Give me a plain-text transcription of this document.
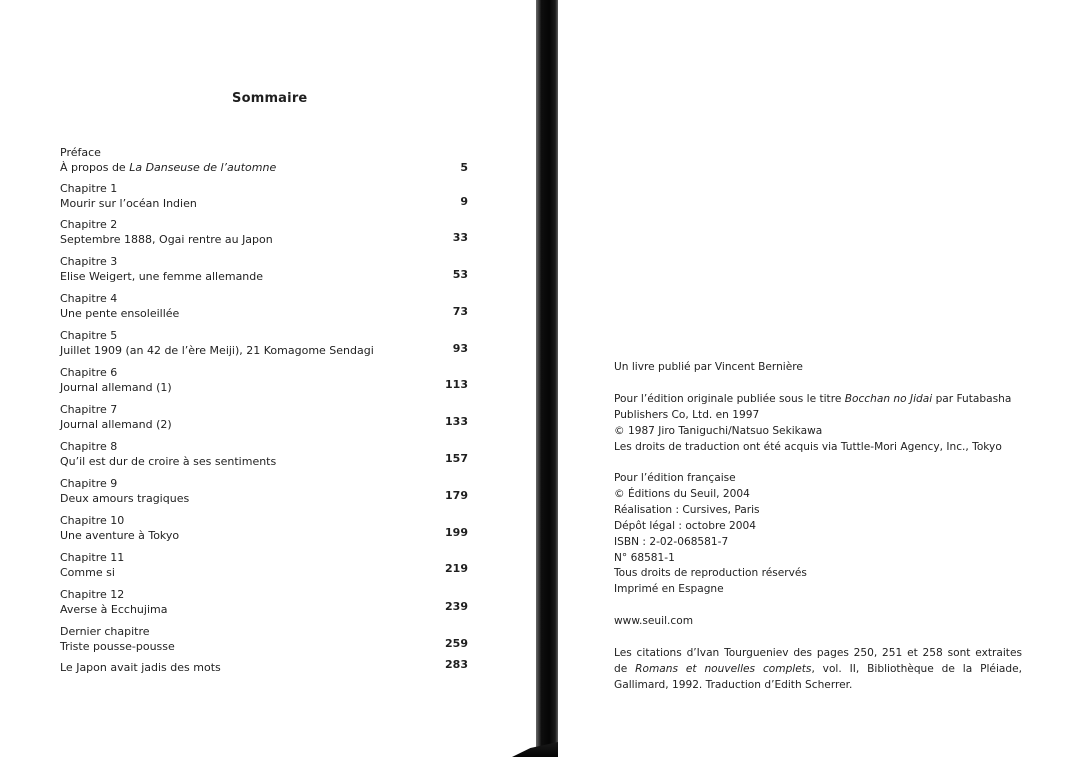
Sommaire
Préface
À propos de La Danseuse de l’automne	5
Chapitre 1
Mourir sur l’océan Indien	9
Chapitre 2
Septembre 1888, Ogai rentre au Japon	33
Chapitre 3
Elise Weigert, une femme allemande	53
Chapitre 4
Une pente ensoleillée	73
Chapitre 5
Juillet 1909 (an 42 de l’ère Meiji), 21 Komagome Sendagi	93
Chapitre 6
Journal allemand (1)	113
Chapitre 7
Journal allemand (2)	133
Chapitre 8
Qu’il est dur de croire à ses sentiments	157
Chapitre 9
Deux amours tragiques	179
Chapitre 10
Une aventure à Tokyo	199
Chapitre 11
Comme si	219
Chapitre 12
Averse à Ecchujima	239
Dernier chapitre
Triste pousse-pousse	259
Le Japon avait jadis des mots	283
Un livre publié par Vincent Bernière
Pour l’édition originale publiée sous le titre Bocchan no Jidai par Futabasha
Publishers Co, Ltd. en 1997
© 1987 Jiro Taniguchi/Natsuo Sekikawa
Les droits de traduction ont été acquis via Tuttle-Mori Agency, Inc., Tokyo
Pour l’édition française
© Éditions du Seuil, 2004
Réalisation : Cursives, Paris
Dépôt légal : octobre 2004
ISBN : 2-02-068581-7
N° 68581-1
Tous droits de reproduction réservés
Imprimé en Espagne
www.seuil.com
Les citations d’Ivan Tourgueniev des pages 250, 251 et 258 sont extraites de Romans et nouvelles complets, vol. II, Bibliothèque de la Pléiade, Gallimard, 1992. Traduction d’Edith Scherrer.
